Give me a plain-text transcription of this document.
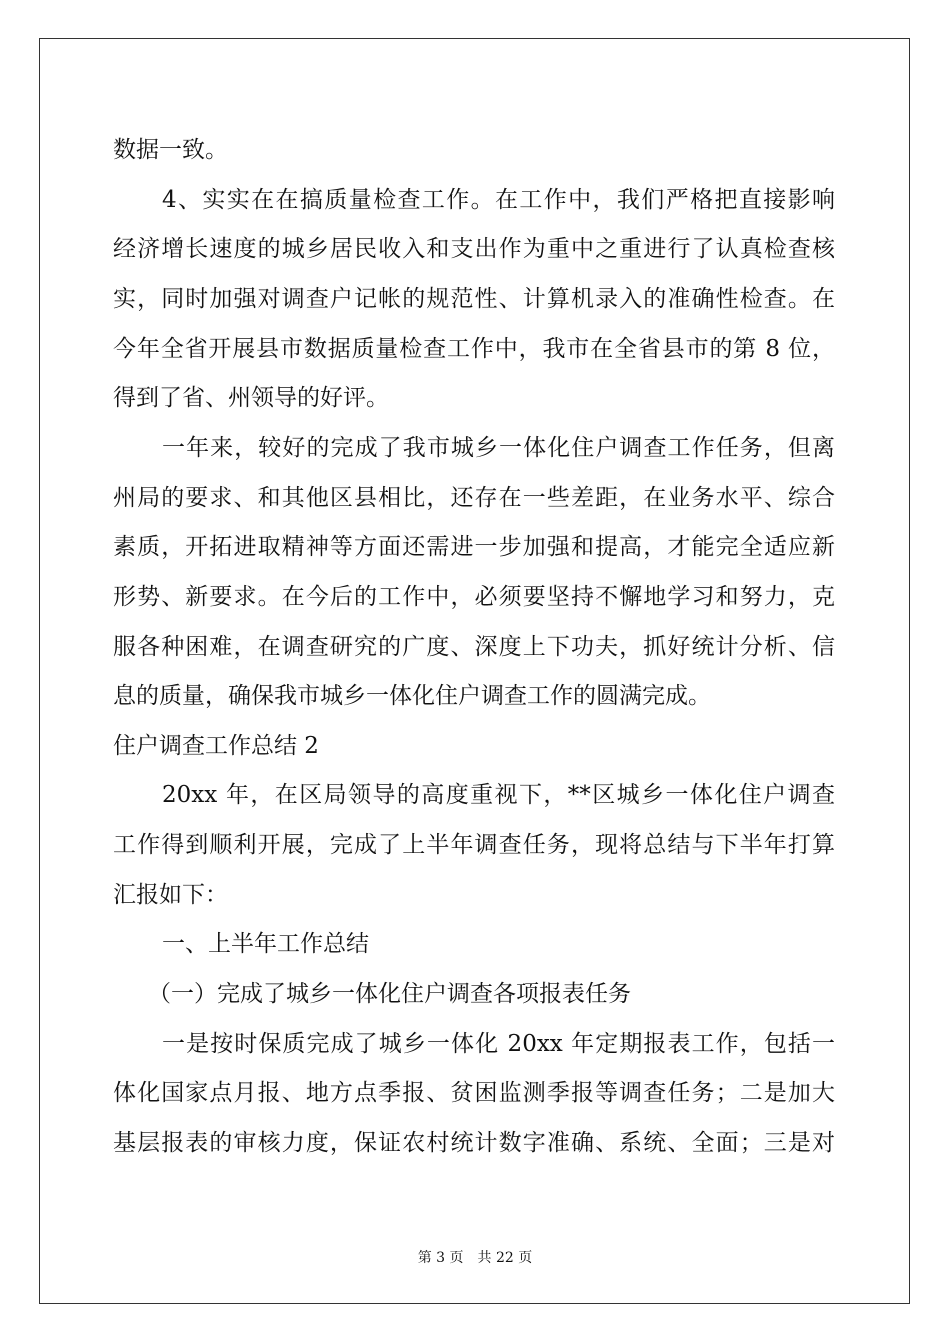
数据一致。
4、实实在在搞质量检查工作。在工作中，我们严格把直接影响
经济增长速度的城乡居民收入和支出作为重中之重进行了认真检查核
实，同时加强对调查户记帐的规范性、计算机录入的准确性检查。在
今年全省开展县市数据质量检查工作中，我市在全省县市的第 8 位，
得到了省、州领导的好评。
一年来，较好的完成了我市城乡一体化住户调查工作任务，但离
州局的要求、和其他区县相比，还存在一些差距，在业务水平、综合
素质，开拓进取精神等方面还需进一步加强和提高，才能完全适应新
形势、新要求。在今后的工作中，必须要坚持不懈地学习和努力，克
服各种困难，在调查研究的广度、深度上下功夫，抓好统计分析、信
息的质量，确保我市城乡一体化住户调查工作的圆满完成。
住户调查工作总结 2
20xx 年，在区局领导的高度重视下，**区城乡一体化住户调查
工作得到顺利开展，完成了上半年调查任务，现将总结与下半年打算
汇报如下：
一、上半年工作总结
（一）完成了城乡一体化住户调查各项报表任务
一是按时保质完成了城乡一体化 20xx 年定期报表工作，包括一
体化国家点月报、地方点季报、贫困监测季报等调查任务；二是加大
基层报表的审核力度，保证农村统计数字准确、系统、全面；三是对
第 3 页　共 22 页
